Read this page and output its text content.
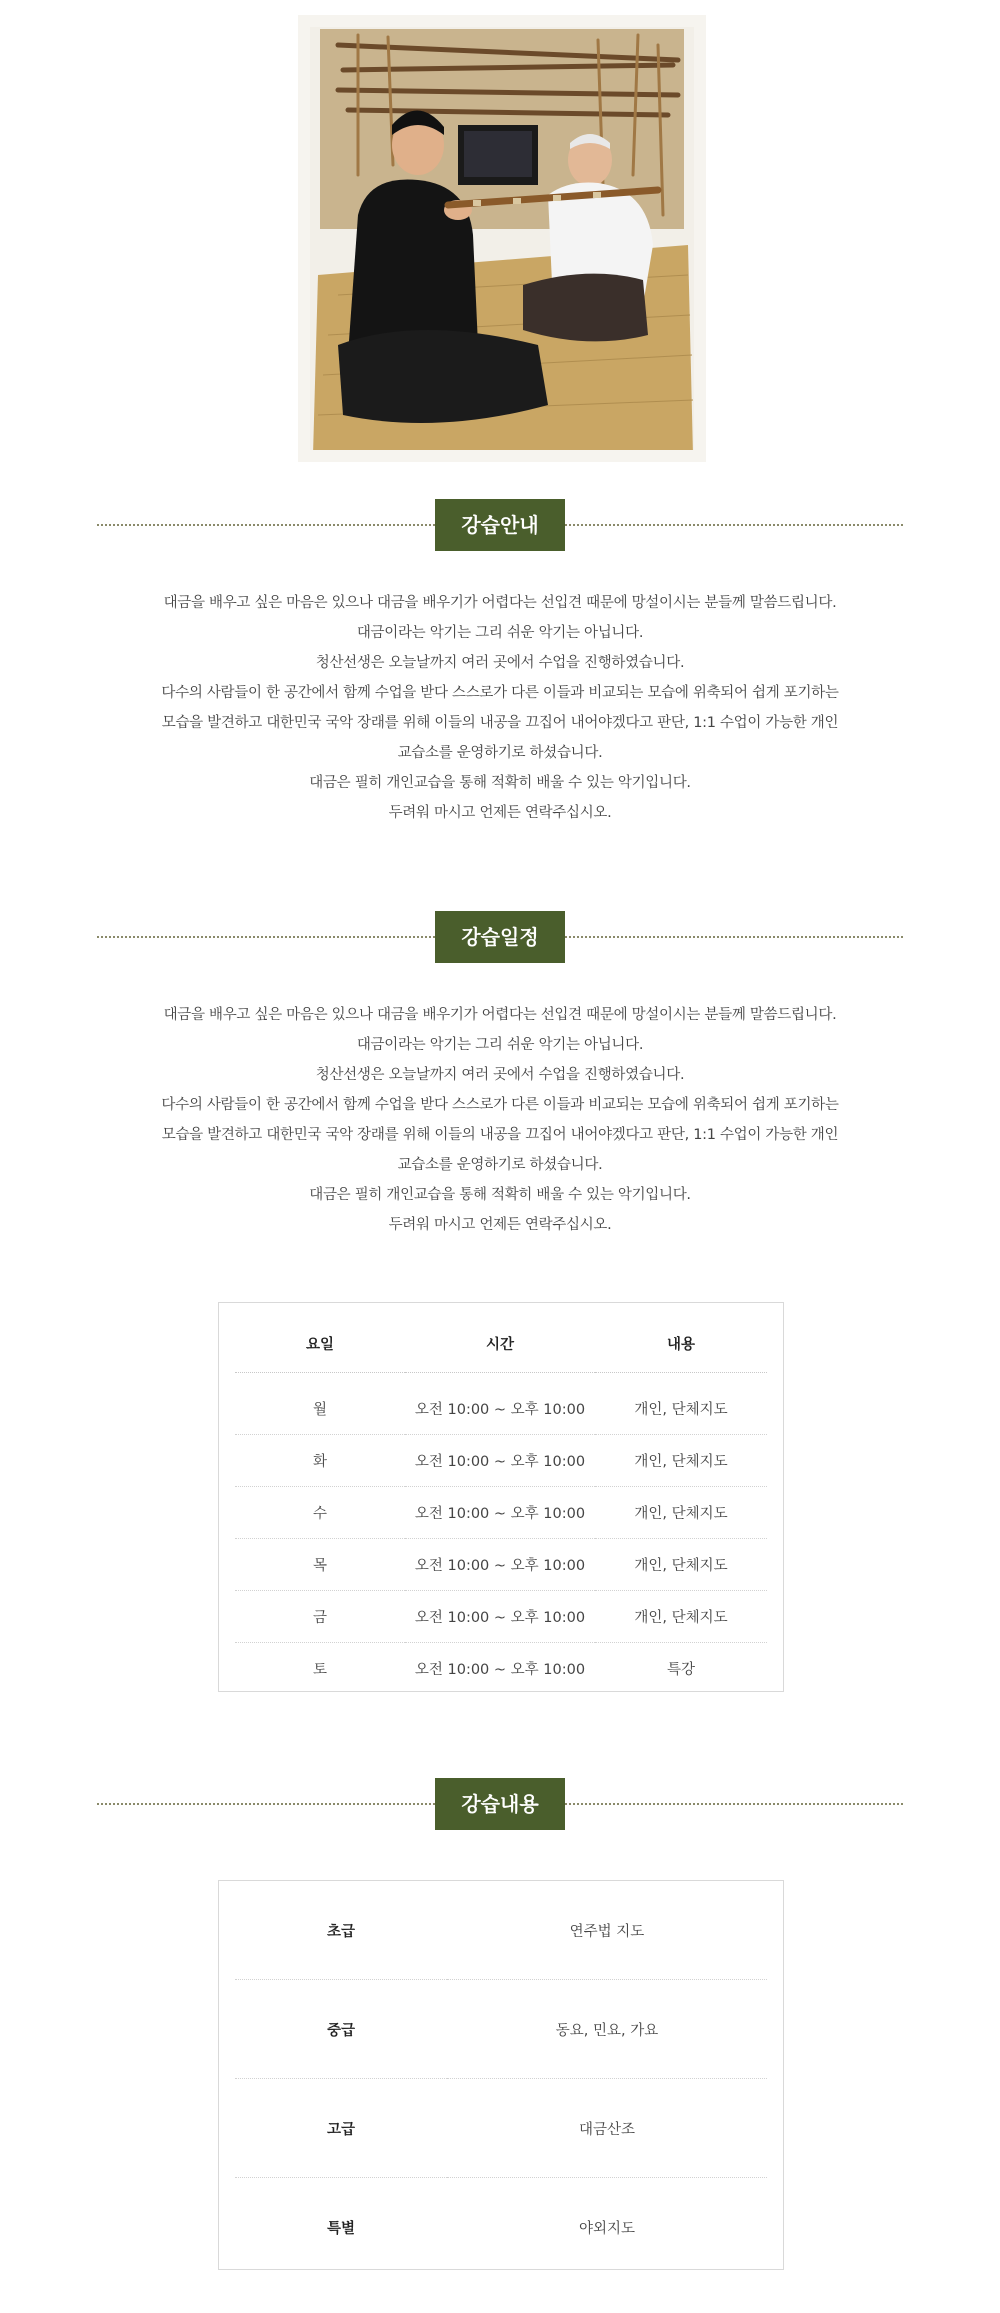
강습안내

대금을 배우고 싶은 마음은 있으나 대금을 배우기가 어렵다는 선입견 때문에 망설이시는 분들께 말씀드립니다.

대금이라는 악기는 그리 쉬운 악기는 아닙니다.

청산선생은 오늘날까지 여러 곳에서 수업을 진행하였습니다.

다수의 사람들이 한 공간에서 함께 수업을 받다 스스로가 다른 이들과 비교되는 모습에 위축되어 쉽게 포기하는

모습을 발견하고 대한민국 국악 장래를 위해 이들의 내공을 끄집어 내어야겠다고 판단, 1:1 수업이 가능한 개인

교습소를 운영하기로 하셨습니다.

대금은 필히 개인교습을 통해 적확히 배울 수 있는 악기입니다.

두려워 마시고 언제든 연락주십시오.

강습일정

대금을 배우고 싶은 마음은 있으나 대금을 배우기가 어렵다는 선입견 때문에 망설이시는 분들께 말씀드립니다.

대금이라는 악기는 그리 쉬운 악기는 아닙니다.

청산선생은 오늘날까지 여러 곳에서 수업을 진행하였습니다.

다수의 사람들이 한 공간에서 함께 수업을 받다 스스로가 다른 이들과 비교되는 모습에 위축되어 쉽게 포기하는

모습을 발견하고 대한민국 국악 장래를 위해 이들의 내공을 끄집어 내어야겠다고 판단, 1:1 수업이 가능한 개인

교습소를 운영하기로 하셨습니다.

대금은 필히 개인교습을 통해 적확히 배울 수 있는 악기입니다.

두려워 마시고 언제든 연락주십시오.

요일	시간	내용

월	오전 10:00 ~ 오후 10:00	개인, 단체지도
화	오전 10:00 ~ 오후 10:00	개인, 단체지도
수	오전 10:00 ~ 오후 10:00	개인, 단체지도
목	오전 10:00 ~ 오후 10:00	개인, 단체지도
금	오전 10:00 ~ 오후 10:00	개인, 단체지도
토	오전 10:00 ~ 오후 10:00	특강
강습내용
초급	연주법 지도
중급	동요, 민요, 가요
고급	대금산조
특별	야외지도
